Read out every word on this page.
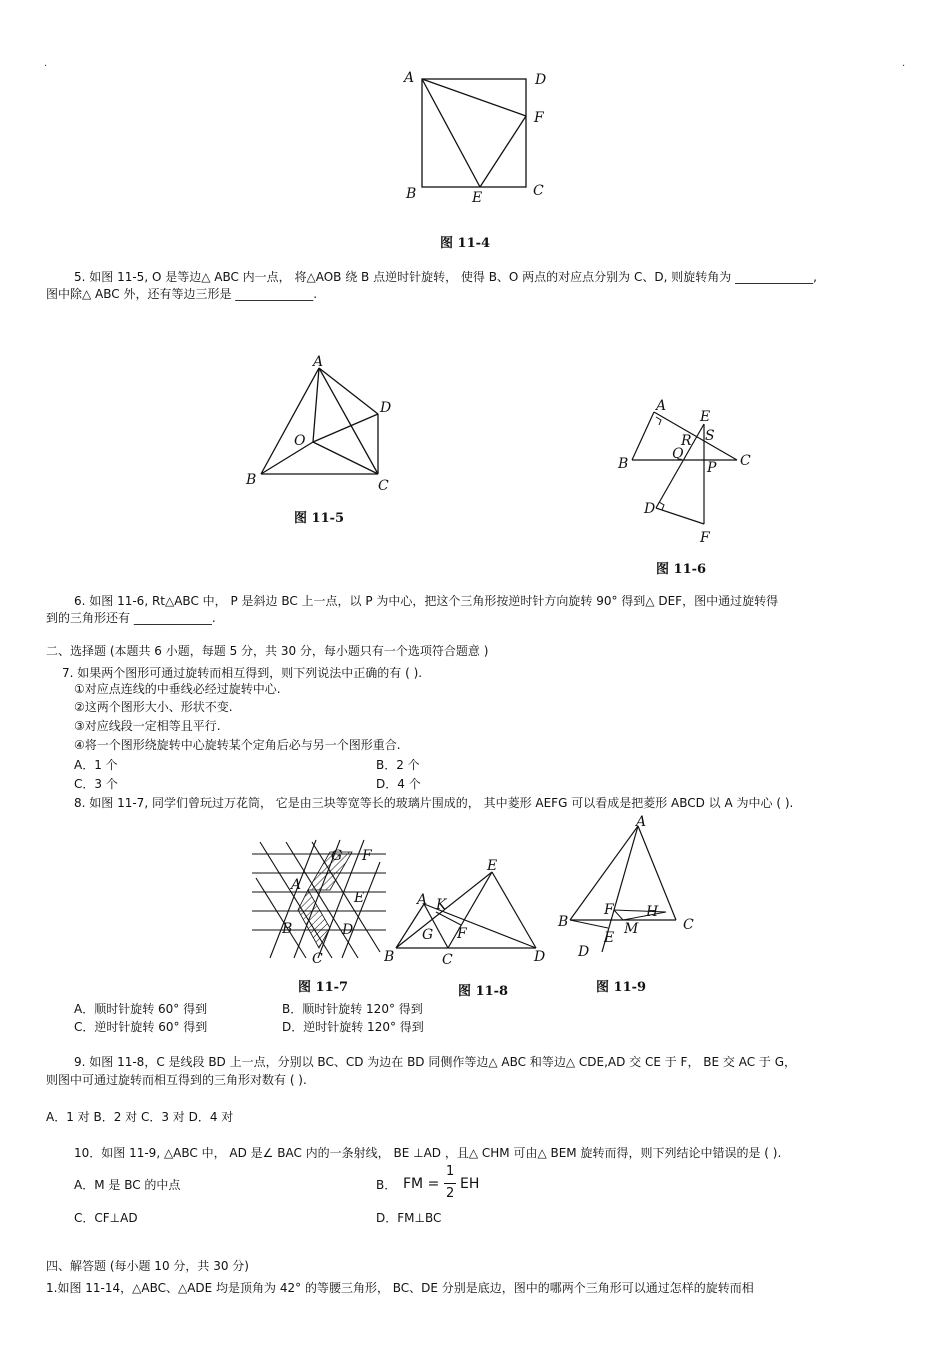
.	.
A	D
F
B	E	C
图 11-4
5. 如图 11-5, O 是等边△ ABC 内一点， 将△AOB 绕 B 点逆时针旋转， 使得 B、O 两点的对应点分别为 C、D, 则旋转角为 _____________,
图中除△ ABC 外，还有等边三形是 _____________.
A
D
O
B	C
图 11-5
A
E
R S
Q
B	P C
D
F
图 11-6
6. 如图 11-6, Rt△ABC 中， P 是斜边 BC 上一点，以 P 为中心，把这个三角形按逆时针方向旋转 90° 得到△ DEF，图中通过旋转得
到的三角形还有 _____________.
二、选择题 (本题共 6 小题，每题 5 分，共 30 分，每小题只有一个选项符合题意 )
7. 如果两个图形可通过旋转而相互得到，则下列说法中正确的有 ( ).
①对应点连线的中垂线必经过旋转中心.
②这两个图形大小、形状不变.
③对应线段一定相等且平行.
④将一个图形绕旋转中心旋转某个定角后必与另一个图形重合.
A．1 个	B．2 个
C．3 个	D．4 个
8. 如图 11-7, 同学们曾玩过万花筒， 它是由三块等宽等长的玻璃片围成的， 其中菱形 AEFG 可以看成是把菱形 ABCD 以 A 为中心 ( ).
G F
A
E
B	D
C
图 11-7
E
A K
G F
B	C	D
图 11-8
A
F H
B	M	C
E
D
图 11-9
A．顺时针旋转 60° 得到	B．顺时针旋转 120° 得到
C．逆时针旋转 60° 得到	D．逆时针旋转 120° 得到
9. 如图 11-8，C 是线段 BD 上一点，分别以 BC、CD 为边在 BD 同侧作等边△ ABC 和等边△ CDE,AD 交 CE 于 F， BE 交 AC 于 G，
则图中可通过旋转而相互得到的三角形对数有 ( ).
A．1 对 B．2 对 C．3 对 D．4 对
10．如图 11-9, △ABC 中， AD 是∠ BAC 内的一条射线， BE ⊥AD ，且△ CHM 可由△ BEM 旋转而得，则下列结论中错误的是 ( ).
A．M 是 BC 的中点	B． FM =
1
2
EH
C．CF⊥AD	D．FM⊥BC
四、解答题 (每小题 10 分，共 30 分)
1.如图 11-14，△ABC、△ADE 均是顶角为 42° 的等腰三角形， BC、DE 分别是底边，图中的哪两个三角形可以通过怎样的旋转而相
